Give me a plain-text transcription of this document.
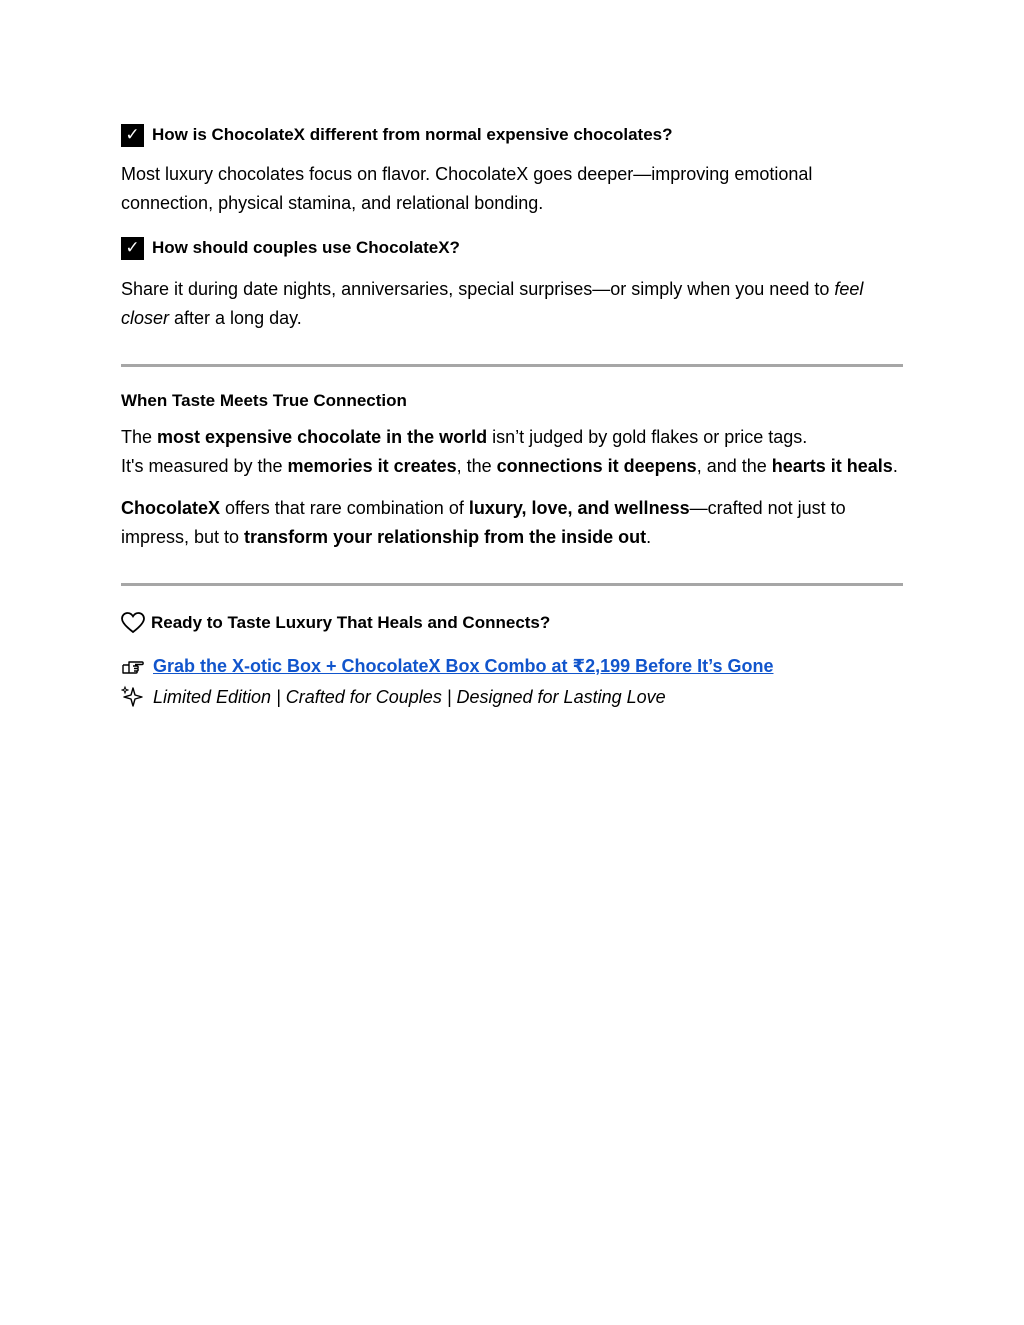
✓ How is ChocolateX different from normal expensive chocolates?

Most luxury chocolates focus on flavor. ChocolateX goes deeper—improving emotional
connection, physical stamina, and relational bonding.

✓ How should couples use ChocolateX?

Share it during date nights, anniversaries, special surprises—or simply when you need to feel
closer after a long day.

When Taste Meets True Connection

The most expensive chocolate in the world isn’t judged by gold flakes or price tags.
It's measured by the memories it creates, the connections it deepens, and the hearts it heals.

ChocolateX offers that rare combination of luxury, love, and wellness—crafted not just to
impress, but to transform your relationship from the inside out.

Ready to Taste Luxury That Heals and Connects?
Grab the X-otic Box + ChocolateX Box Combo at ₹2,199 Before It’s Gone
Limited Edition | Crafted for Couples | Designed for Lasting Love
